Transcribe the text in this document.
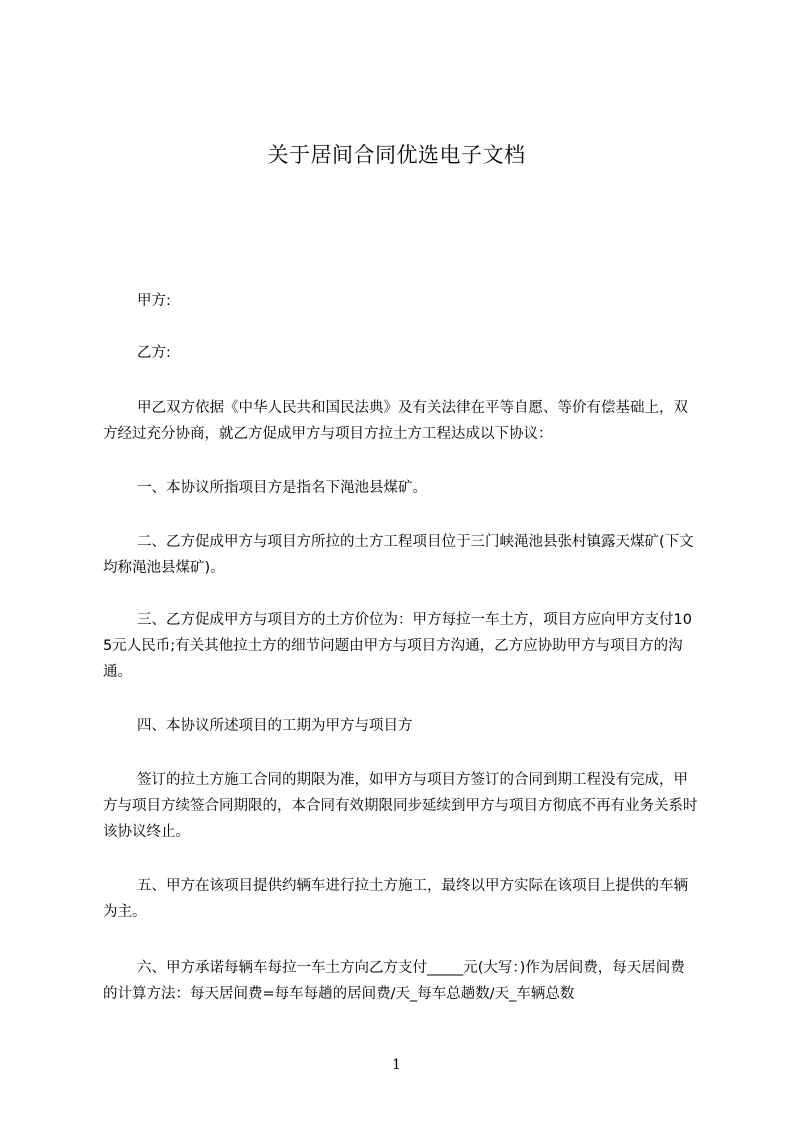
关于居间合同优选电子文档
甲方:
乙方:
甲乙双方依据《中华人民共和国民法典》及有关法律在平等自愿、等价有偿基础上，双方经过充分协商，就乙方促成甲方与项目方拉土方工程达成以下协议：
一、本协议所指项目方是指名下渑池县煤矿。
二、乙方促成甲方与项目方所拉的土方工程项目位于三门峡渑池县张村镇露天煤矿(下文均称渑池县煤矿)。
三、乙方促成甲方与项目方的土方价位为：甲方每拉一车土方，项目方应向甲方支付105元人民币;有关其他拉土方的细节问题由甲方与项目方沟通，乙方应协助甲方与项目方的沟通。
四、本协议所述项目的工期为甲方与项目方
签订的拉土方施工合同的期限为准，如甲方与项目方签订的合同到期工程没有完成，甲方与项目方续签合同期限的，本合同有效期限同步延续到甲方与项目方彻底不再有业务关系时该协议终止。
五、甲方在该项目提供约辆车进行拉土方施工，最终以甲方实际在该项目上提供的车辆为主。
六、甲方承诺每辆车每拉一车土方向乙方支付_____元(大写：)作为居间费，每天居间费的计算方法：每天居间费=每车每趟的居间费/天_每车总趟数/天_车辆总数
1
